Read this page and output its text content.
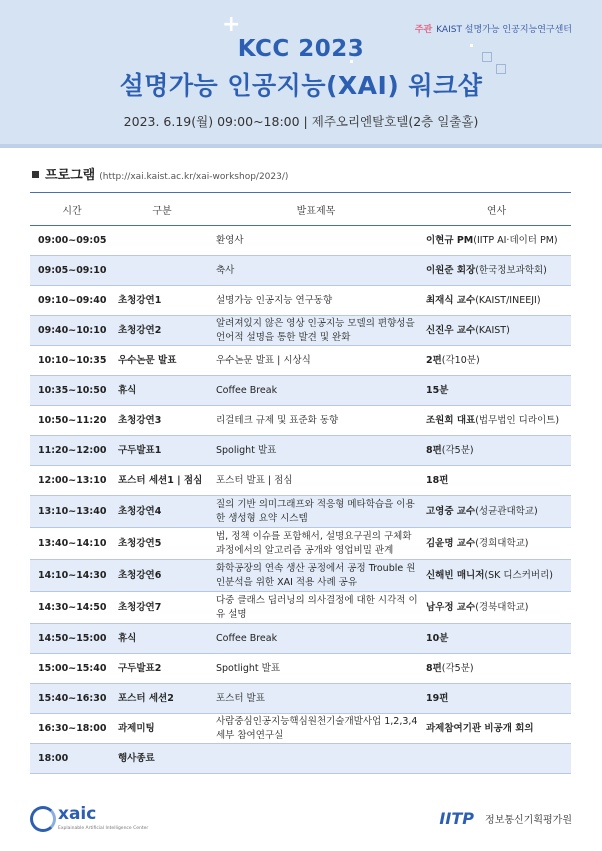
+	주관 KAIST 설명가능 인공지능연구센터
KCC 2023
설명가능 인공지능(XAI) 워크샵
2023. 6.19(월) 09:00~18:00 | 제주오리엔탈호텔(2층 일출홀)
프로그램 (http://xai.kaist.ac.kr/xai-workshop/2023/)
시간	구분	발표제목	연사
09:00~09:05		환영사	이현규 PM(IITP AI·데이터 PM)
09:05~09:10		축사	이원준 회장(한국정보과학회)
09:10~09:40	초청강연1	설명가능 인공지능 연구동향	최재식 교수(KAIST/INEEJI)
09:40~10:10	초청강연2	알려져있지 않은 영상 인공지능 모델의 편향성을 언어적 설명을 통한 발견 및 완화	신진우 교수(KAIST)
10:10~10:35	우수논문 발표	우수논문 발표 | 시상식	2편(각10분)
10:35~10:50	휴식	Coffee Break	15분
10:50~11:20	초청강연3	리걸테크 규제 및 표준화 동향	조원희 대표(법무법인 디라이트)
11:20~12:00	구두발표1	Spolight 발표	8편(각5분)
12:00~13:10	포스터 세션1 | 점심	포스터 발표 | 점심	18편
13:10~13:40	초청강연4	질의 기반 의미그래프와 적응형 메타학습을 이용한 생성형 요약 시스템	고영중 교수(성균관대학교)
13:40~14:10	초청강연5	법, 정책 이슈를 포함해서, 설명요구권의 구체화 과정에서의 알고리즘 공개와 영업비밀 관계	김윤명 교수(경희대학교)
14:10~14:30	초청강연6	화학공장의 연속 생산 공정에서 공정 Trouble 원인분석을 위한 XAI 적용 사례 공유	신해빈 매니저(SK 디스커버리)
14:30~14:50	초청강연7	다중 클래스 딥러닝의 의사결정에 대한 시각적 이유 설명	남우정 교수(경북대학교)
14:50~15:00	휴식	Coffee Break	10분
15:00~15:40	구두발표2	Spotlight 발표	8편(각5분)
15:40~16:30	포스터 세션2	포스터 발표	19편
16:30~18:00	과제미팅	사람중심인공지능핵심원천기술개발사업 1,2,3,4세부 참여연구실	과제참여기관 비공개 회의
18:00	행사종료		
xaic
Explainable Artificial Intelligence Center
IITP 정보통신기획평가원
